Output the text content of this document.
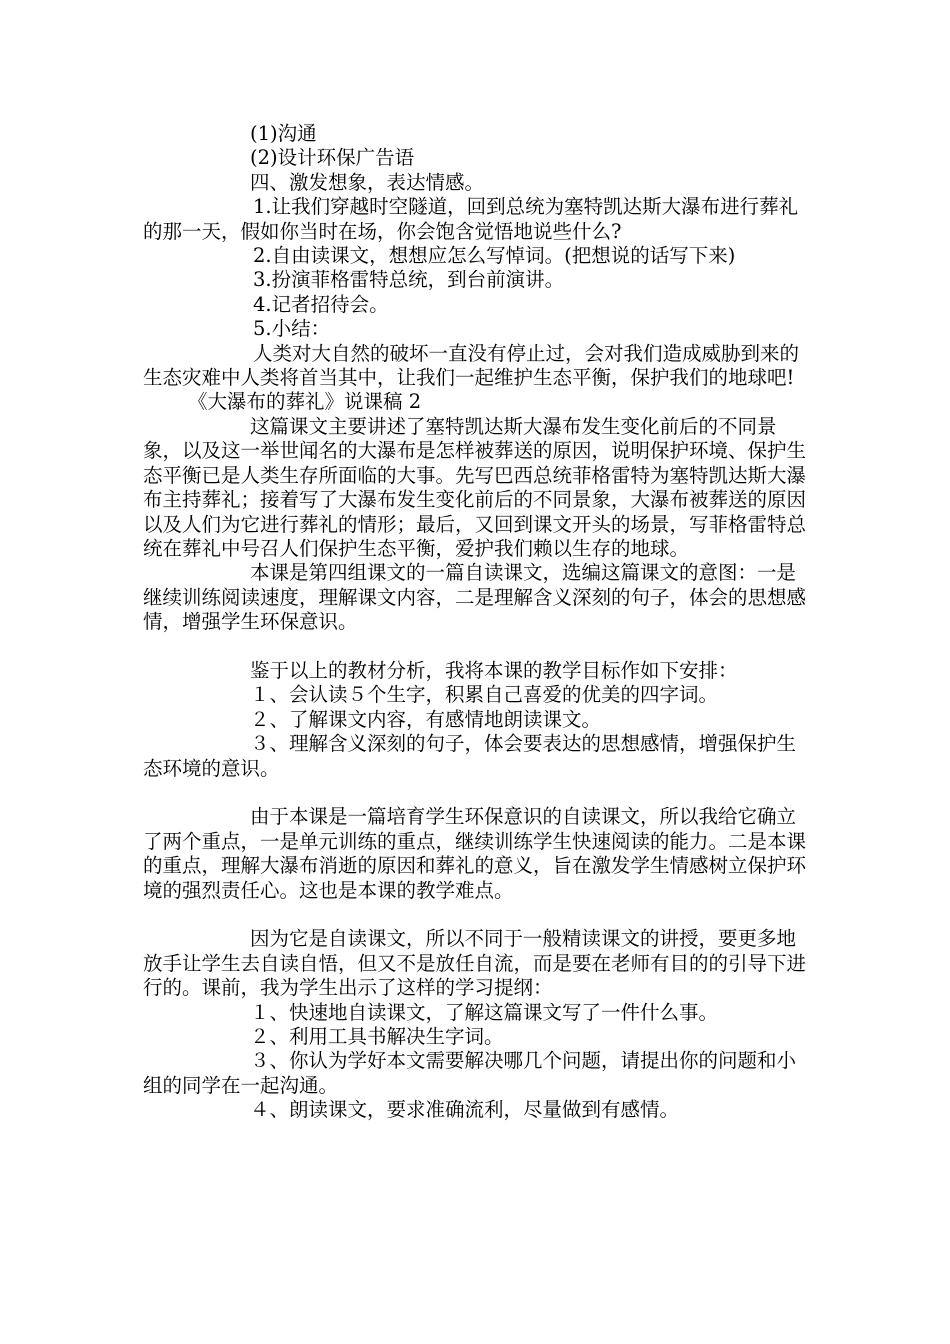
(1)沟通

(2)设计环保广告语

四、激发想象，表达情感。

1.让我们穿越时空隧道，回到总统为塞特凯达斯大瀑布进行葬礼的那一天，假如你当时在场，你会饱含觉悟地说些什么?

2.自由读课文，想想应怎么写悼词。(把想说的话写下来)

3.扮演菲格雷特总统，到台前演讲。

4.记者招待会。

5.小结：

人类对大自然的破坏一直没有停止过，会对我们造成威胁到来的生态灾难中人类将首当其中，让我们一起维护生态平衡，保护我们的地球吧!

《大瀑布的葬礼》说课稿 2

这篇课文主要讲述了塞特凯达斯大瀑布发生变化前后的不同景象，以及这一举世闻名的大瀑布是怎样被葬送的原因，说明保护环境、保护生态平衡已是人类生存所面临的大事。先写巴西总统菲格雷特为塞特凯达斯大瀑布主持葬礼；接着写了大瀑布发生变化前后的不同景象，大瀑布被葬送的原因以及人们为它进行葬礼的情形；最后，又回到课文开头的场景，写菲格雷特总统在葬礼中号召人们保护生态平衡，爱护我们赖以生存的地球。

本课是第四组课文的一篇自读课文，选编这篇课文的意图：一是继续训练阅读速度，理解课文内容，二是理解含义深刻的句子，体会的思想感情，增强学生环保意识。

鉴于以上的教材分析，我将本课的教学目标作如下安排：

１、会认读５个生字，积累自己喜爱的优美的四字词。

２、了解课文内容，有感情地朗读课文。

３、理解含义深刻的句子，体会要表达的思想感情，增强保护生态环境的意识。

由于本课是一篇培育学生环保意识的自读课文，所以我给它确立了两个重点，一是单元训练的重点，继续训练学生快速阅读的能力。二是本课的重点，理解大瀑布消逝的原因和葬礼的意义，旨在激发学生情感树立保护环境的强烈责任心。这也是本课的教学难点。

因为它是自读课文，所以不同于一般精读课文的讲授，要更多地放手让学生去自读自悟，但又不是放任自流，而是要在老师有目的的引导下进行的。课前，我为学生出示了这样的学习提纲：

１、快速地自读课文，了解这篇课文写了一件什么事。

２、利用工具书解决生字词。

３、你认为学好本文需要解决哪几个问题，请提出你的问题和小组的同学在一起沟通。

４、朗读课文，要求准确流利，尽量做到有感情。
